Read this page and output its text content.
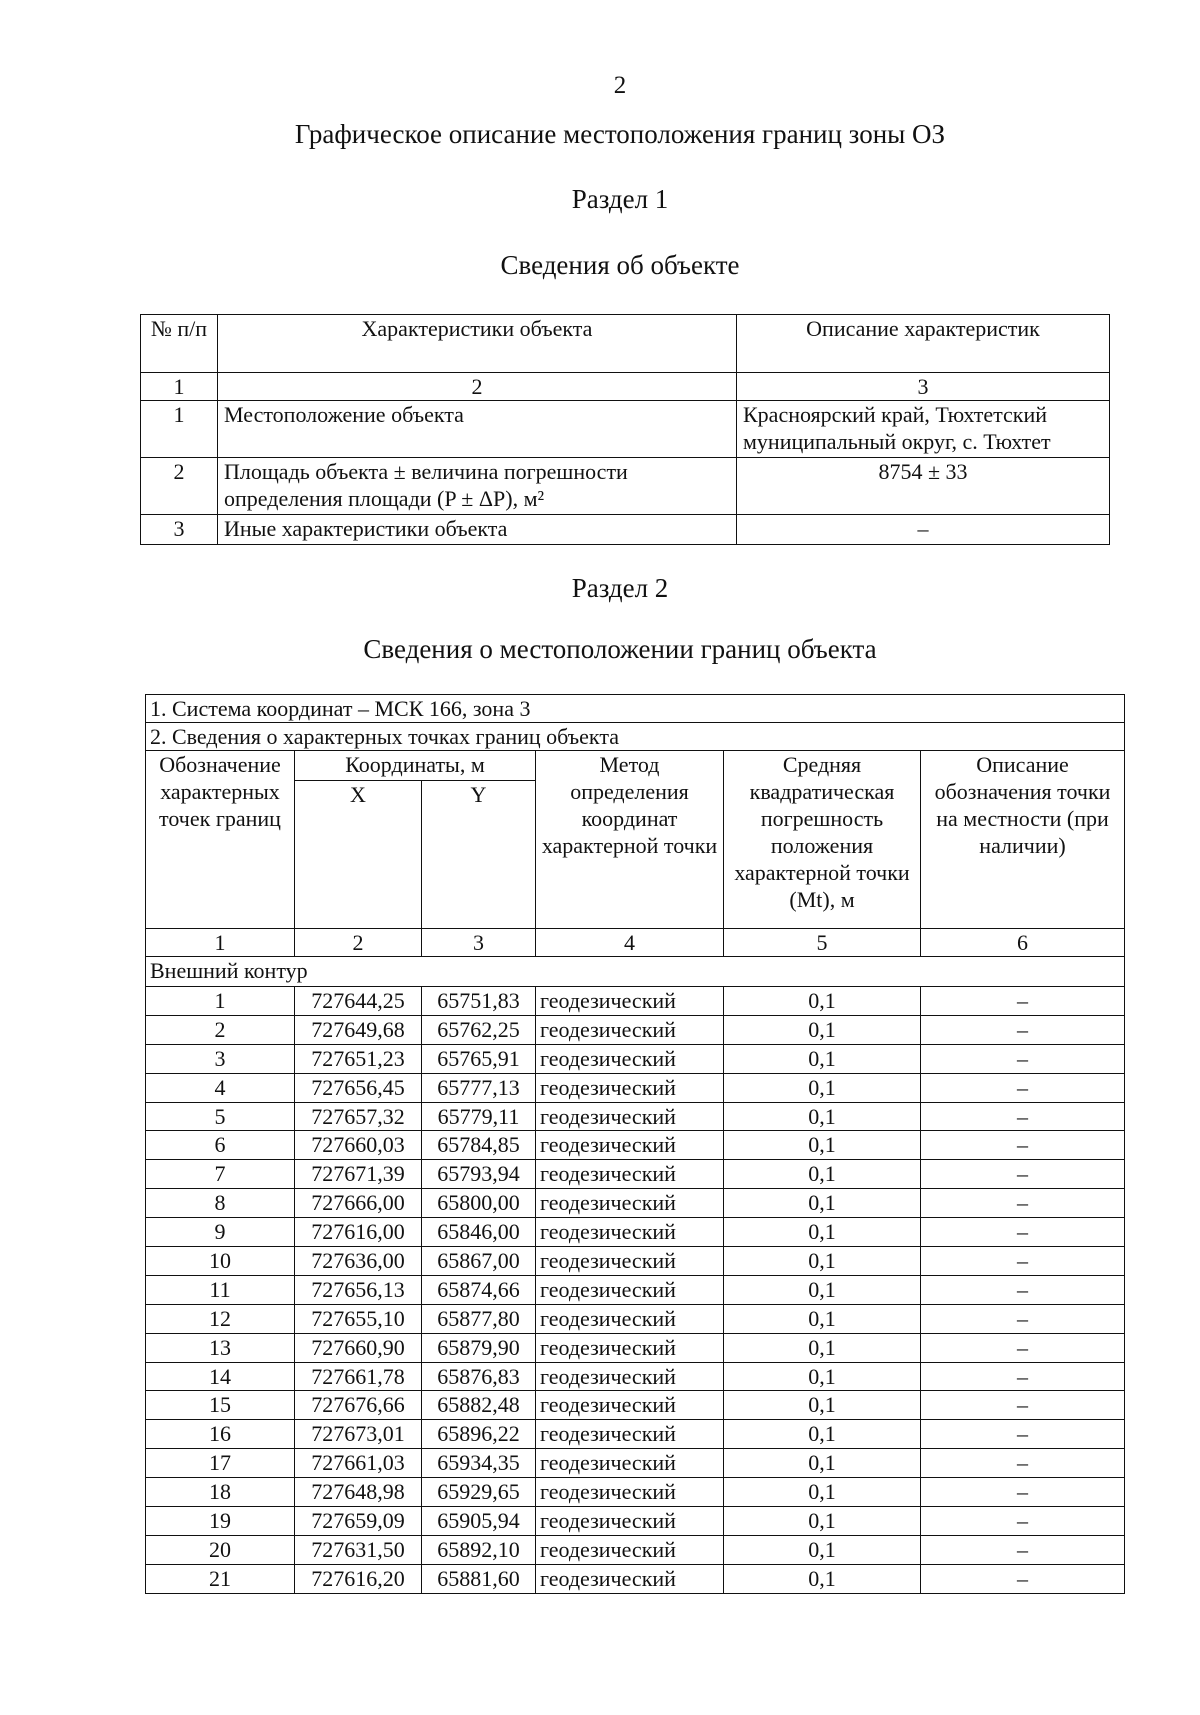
2
Графическое описание местоположения границ зоны ОЗ
Раздел 1
Сведения об объекте
№ п/п	Характеристики объекта	Описание характеристик
1	2	3
1	Местоположение объекта	Красноярский край, Тюхтетский муниципальный округ, с. Тюхтет
2	Площадь объекта ± величина погрешности определения площади (P ± ΔP), м²	8754 ± 33
3	Иные характеристики объекта	–
Раздел 2
Сведения о местоположении границ объекта
1. Система координат – МСК 166, зона 3					
2. Сведения о характерных точках границ объекта					
Обозначение характерных точек границ	Координаты, м		Метод определения координат характерной точки	Средняя квадратическая погрешность положения характерной точки (Mt), м	Описание обозначения точки на местности (при наличии)
	X	Y			
1	2	3	4	5	6
Внешний контур					
1	727644,25	65751,83	геодезический	0,1	–
2	727649,68	65762,25	геодезический	0,1	–
3	727651,23	65765,91	геодезический	0,1	–
4	727656,45	65777,13	геодезический	0,1	–
5	727657,32	65779,11	геодезический	0,1	–
6	727660,03	65784,85	геодезический	0,1	–
7	727671,39	65793,94	геодезический	0,1	–
8	727666,00	65800,00	геодезический	0,1	–
9	727616,00	65846,00	геодезический	0,1	–
10	727636,00	65867,00	геодезический	0,1	–
11	727656,13	65874,66	геодезический	0,1	–
12	727655,10	65877,80	геодезический	0,1	–
13	727660,90	65879,90	геодезический	0,1	–
14	727661,78	65876,83	геодезический	0,1	–
15	727676,66	65882,48	геодезический	0,1	–
16	727673,01	65896,22	геодезический	0,1	–
17	727661,03	65934,35	геодезический	0,1	–
18	727648,98	65929,65	геодезический	0,1	–
19	727659,09	65905,94	геодезический	0,1	–
20	727631,50	65892,10	геодезический	0,1	–
21	727616,20	65881,60	геодезический	0,1	–
